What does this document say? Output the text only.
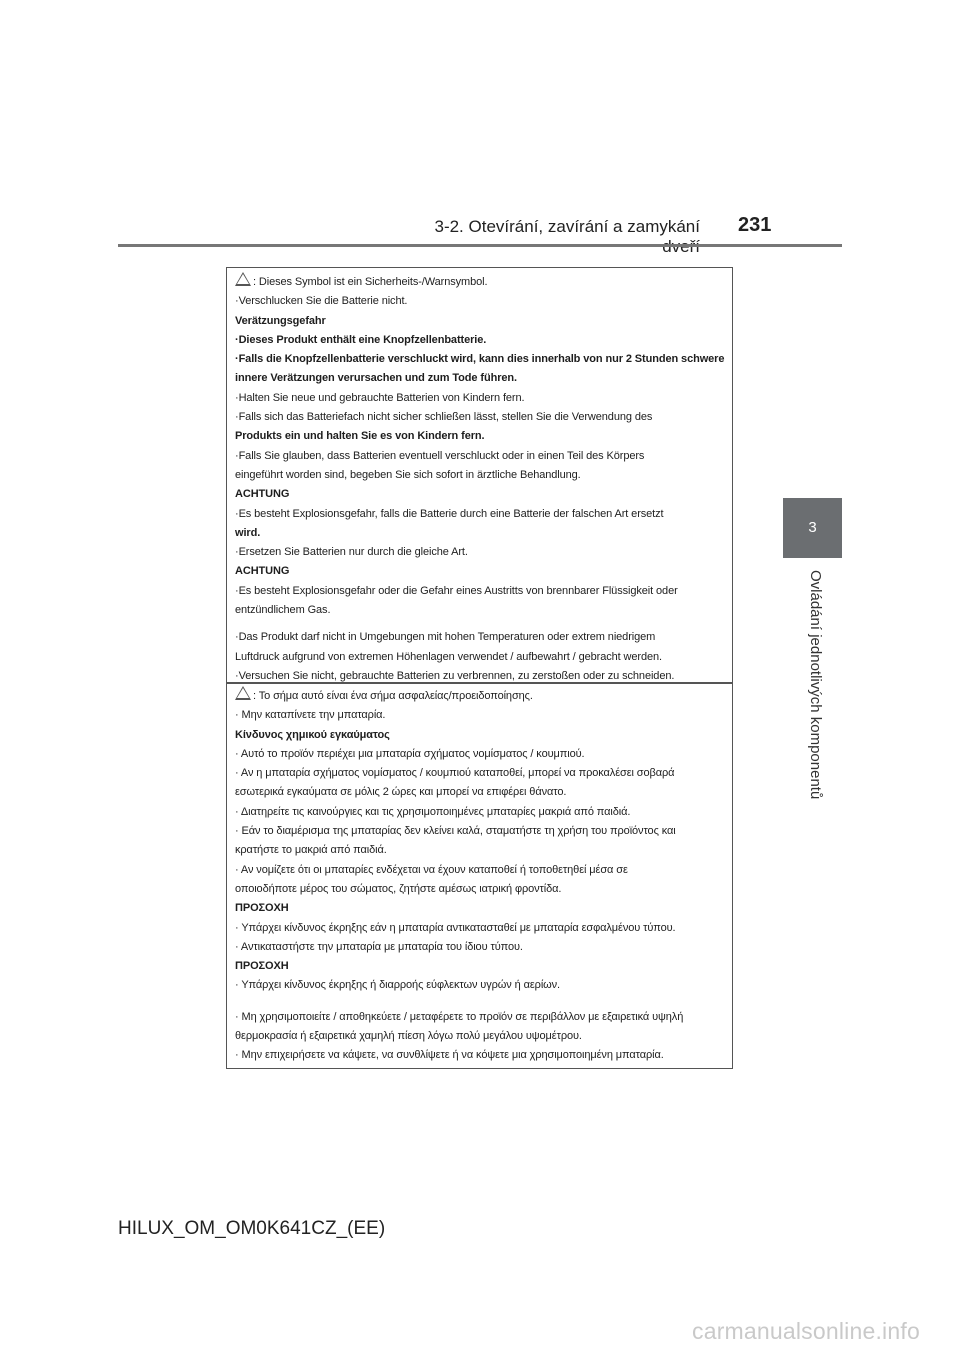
3-2. Otevírání, zavírání a zamykání 231
3
Ovládání jednotlivých komponentů
: Dieses Symbol ist ein Sicherheits-/Warnsymbol.
·Verschlucken Sie die Batterie nicht.
Verätzungsgefahr
·Dieses Produkt enthält eine Knopfzellenbatterie.
·Falls die Knopfzellenbatterie verschluckt wird, kann dies innerhalb von nur 2 Stunden schwere
innere Verätzungen verursachen und zum Tode führen.
·Halten Sie neue und gebrauchte Batterien von Kindern fern.
·Falls sich das Batteriefach nicht sicher schließen lässt, stellen Sie die Verwendung des
Produkts ein und halten Sie es von Kindern fern.
·Falls Sie glauben, dass Batterien eventuell verschluckt oder in einen Teil des Körpers
eingeführt worden sind, begeben Sie sich sofort in ärztliche Behandlung.
ACHTUNG
·Es besteht Explosionsgefahr, falls die Batterie durch eine Batterie der falschen Art ersetzt
wird.
·Ersetzen Sie Batterien nur durch die gleiche Art.
ACHTUNG
·Es besteht Explosionsgefahr oder die Gefahr eines Austritts von brennbarer Flüssigkeit oder
entzündlichem Gas.
·Das Produkt darf nicht in Umgebungen mit hohen Temperaturen oder extrem niedrigem
Luftdruck aufgrund von extremen Höhenlagen verwendet / aufbewahrt / gebracht werden.
·Versuchen Sie nicht, gebrauchte Batterien zu verbrennen, zu zerstoßen oder zu schneiden.
: Το σήμα αυτό είναι ένα σήμα ασφαλείας/προειδοποίησης.
· Μην καταπίνετε την μπαταρία.
Κίνδυνος χημικού εγκαύματος
· Αυτό το προϊόν περιέχει μια μπαταρία σχήματος νομίσματος / κουμπιού.
· Αν η μπαταρία σχήματος νομίσματος / κουμπιού καταποθεί, μπορεί να προκαλέσει σοβαρά
εσωτερικά εγκαύματα σε μόλις 2 ώρες και μπορεί να επιφέρει θάνατο.
· Διατηρείτε τις καινούργιες και τις χρησιμοποιημένες μπαταρίες μακριά από παιδιά.
· Εάν το διαμέρισμα της μπαταρίας δεν κλείνει καλά, σταματήστε τη χρήση του προϊόντος και
κρατήστε το μακριά από παιδιά.
· Αν νομίζετε ότι οι μπαταρίες ενδέχεται να έχουν καταποθεί ή τοποθετηθεί μέσα σε
οποιοδήποτε μέρος του σώματος, ζητήστε αμέσως ιατρική φροντίδα.
ΠΡΟΣΟΧΗ
· Υπάρχει κίνδυνος έκρηξης εάν η μπαταρία αντικατασταθεί με μπαταρία εσφαλμένου τύπου.
· Αντικαταστήστε την μπαταρία με μπαταρία του ίδιου τύπου.
ΠΡΟΣΟΧΗ
· Υπάρχει κίνδυνος έκρηξης ή διαρροής εύφλεκτων υγρών ή αερίων.
· Μη χρησιμοποιείτε / αποθηκεύετε / μεταφέρετε το προϊόν σε περιβάλλον με εξαιρετικά υψηλή
θερμοκρασία ή εξαιρετικά χαμηλή πίεση λόγω πολύ μεγάλου υψομέτρου.
· Μην επιχειρήσετε να κάψετε, να συνθλίψετε ή να κόψετε μια χρησιμοποιημένη μπαταρία.
HILUX_OM_OM0K641CZ_(EE)
carmanualsonline.info
